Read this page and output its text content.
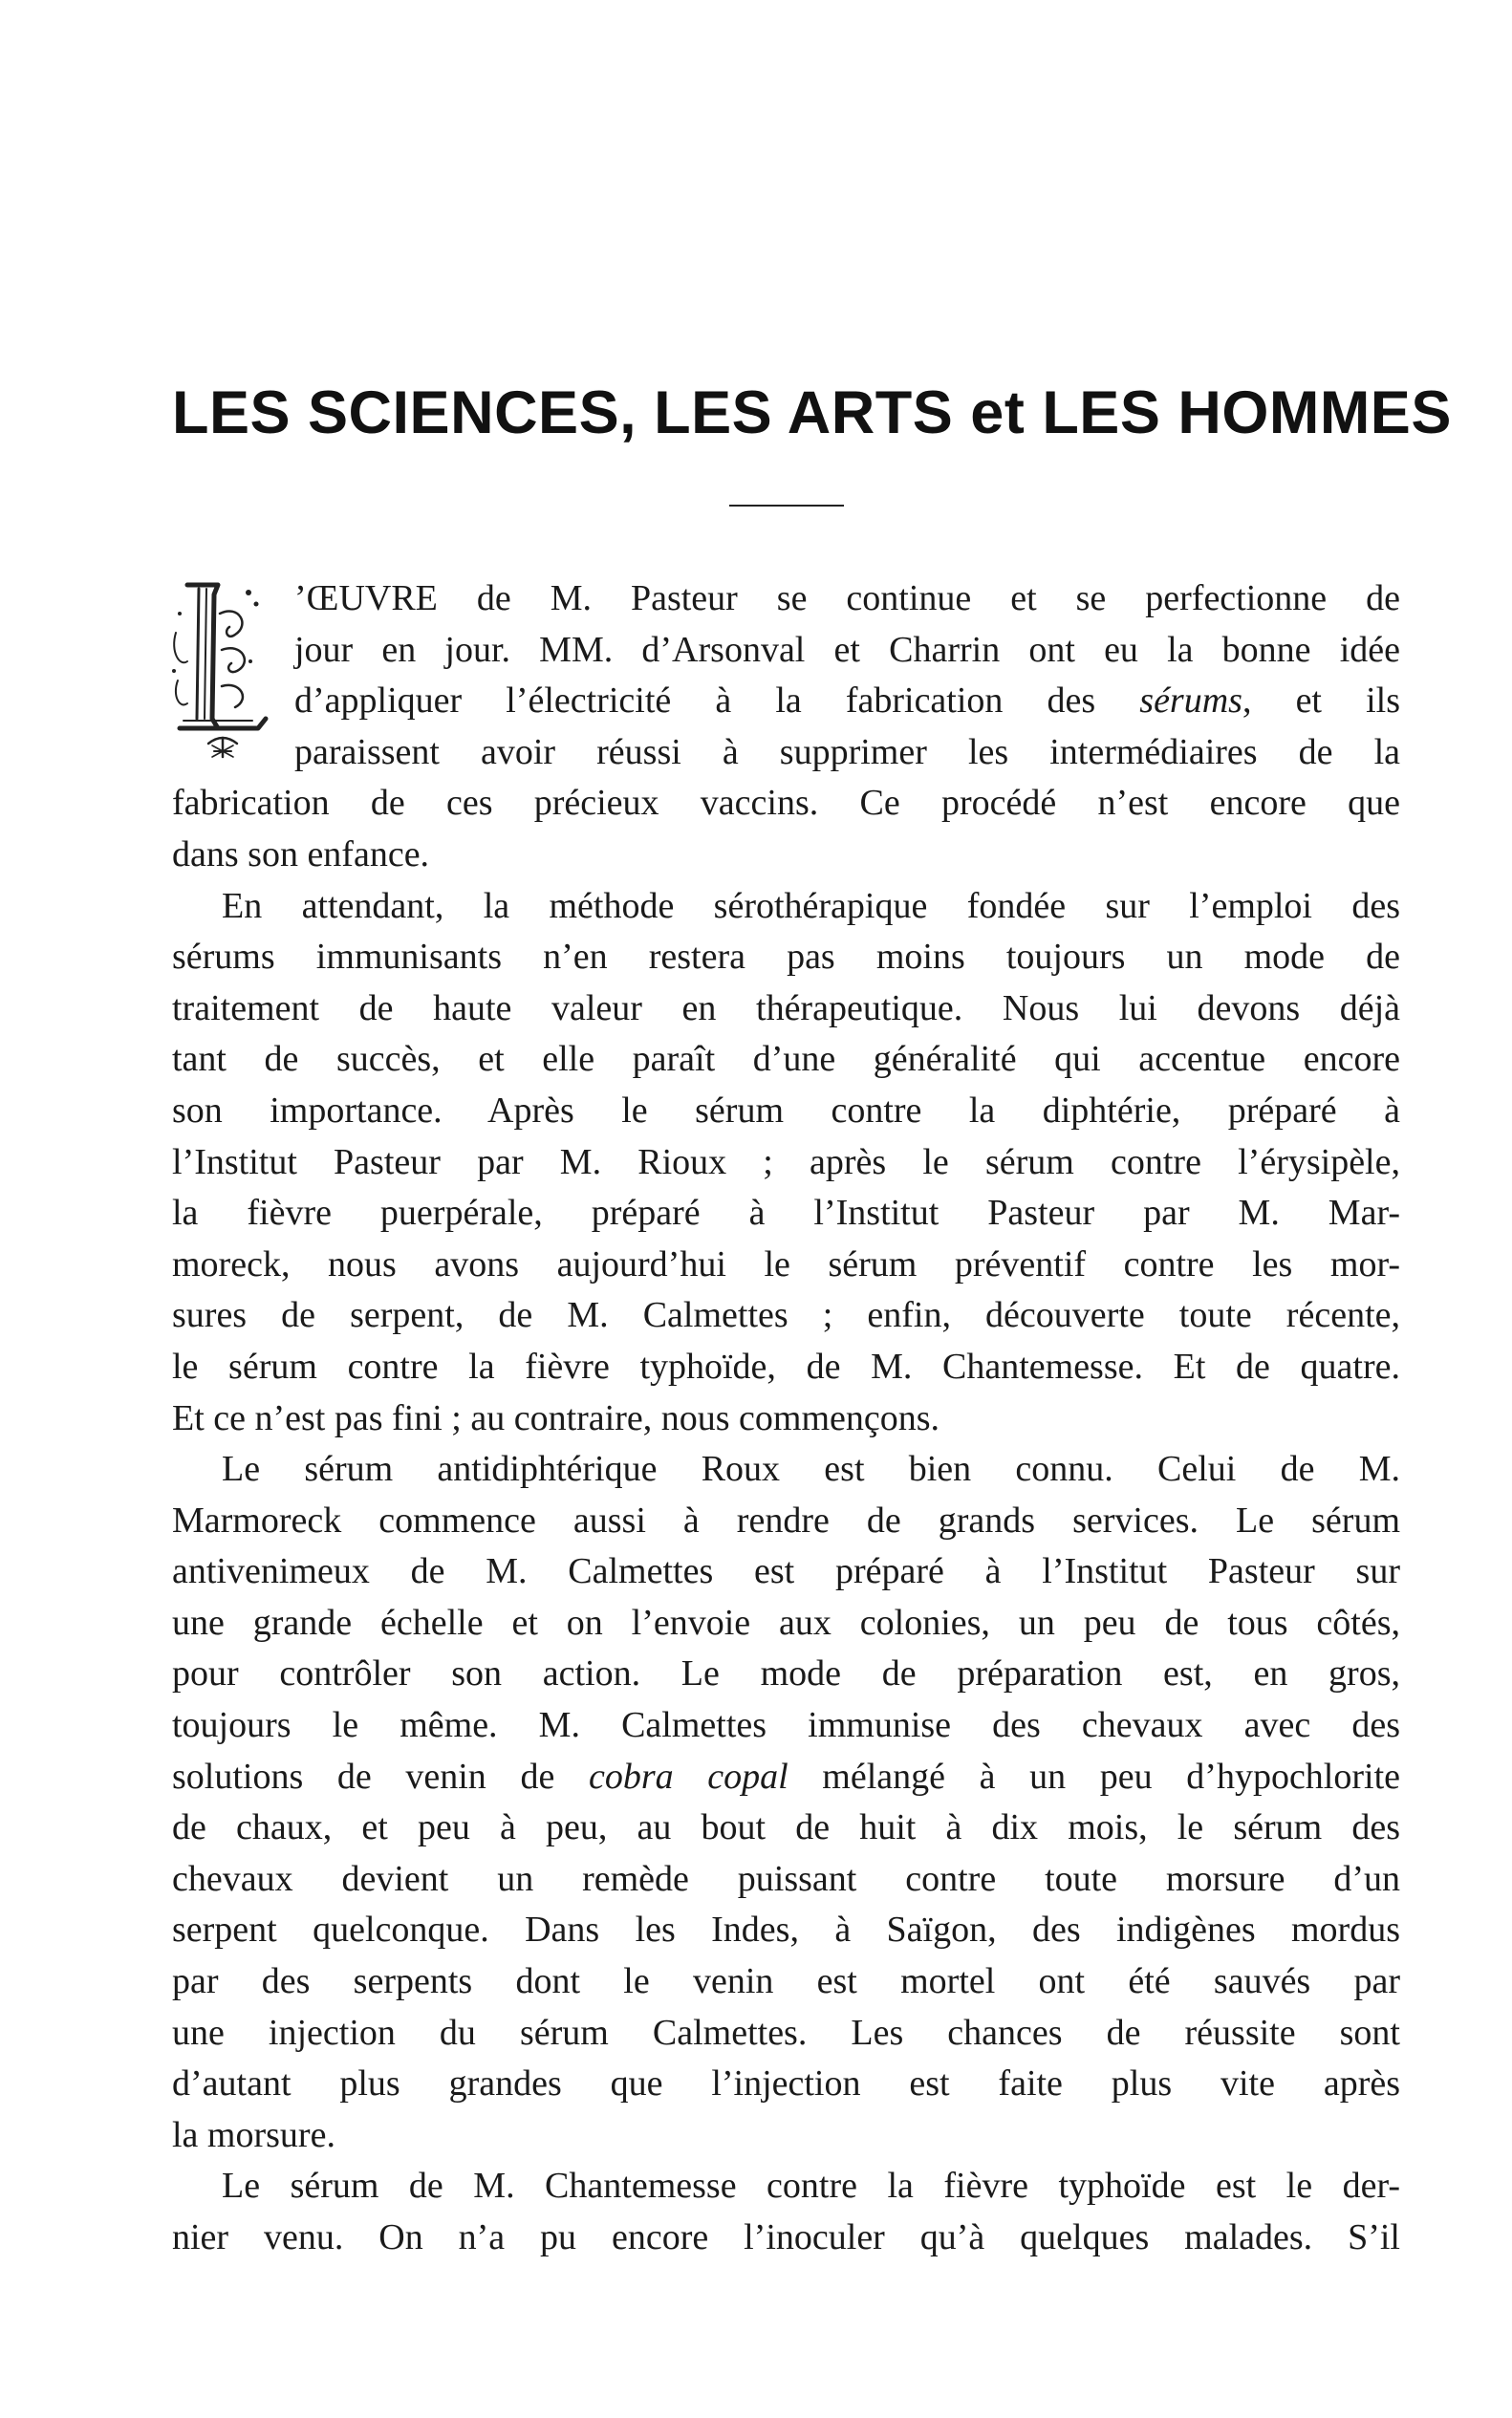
LES SCIENCES, LES ARTS et LES HOMMES
’ŒUVRE de M. Pasteur se continue et se perfectionne de
jour en jour. MM. d’Arsonval et Charrin ont eu la bonne idée
d’appliquer l’électricité à la fabrication des sérums, et ils
paraissent avoir réussi à supprimer les intermédiaires de la
fabrication de ces précieux vaccins. Ce procédé n’est encore que
dans son enfance.
En attendant, la méthode sérothérapique fondée sur l’emploi des
sérums immunisants n’en restera pas moins toujours un mode de
traitement de haute valeur en thérapeutique. Nous lui devons déjà
tant de succès, et elle paraît d’une généralité qui accentue encore
son importance. Après le sérum contre la diphtérie, préparé à
l’Institut Pasteur par M. Rioux ; après le sérum contre l’érysipèle,
la fièvre puerpérale, préparé à l’Institut Pasteur par M. Mar-
moreck, nous avons aujourd’hui le sérum préventif contre les mor-
sures de serpent, de M. Calmettes ; enfin, découverte toute récente,
le sérum contre la fièvre typhoïde, de M. Chantemesse. Et de quatre.
Et ce n’est pas fini ; au contraire, nous commençons.
Le sérum antidiphtérique Roux est bien connu. Celui de M.
Marmoreck commence aussi à rendre de grands services. Le sérum
antivenimeux de M. Calmettes est préparé à l’Institut Pasteur sur
une grande échelle et on l’envoie aux colonies, un peu de tous côtés,
pour contrôler son action. Le mode de préparation est, en gros,
toujours le même. M. Calmettes immunise des chevaux avec des
solutions de venin de cobra copal mélangé à un peu d’hypochlorite
de chaux, et peu à peu, au bout de huit à dix mois, le sérum des
chevaux devient un remède puissant contre toute morsure d’un
serpent quelconque. Dans les Indes, à Saïgon, des indigènes mordus
par des serpents dont le venin est mortel ont été sauvés par
une injection du sérum Calmettes. Les chances de réussite sont
d’autant plus grandes que l’injection est faite plus vite après
la morsure.
Le sérum de M. Chantemesse contre la fièvre typhoïde est le der-
nier venu. On n’a pu encore l’inoculer qu’à quelques malades. S’il
